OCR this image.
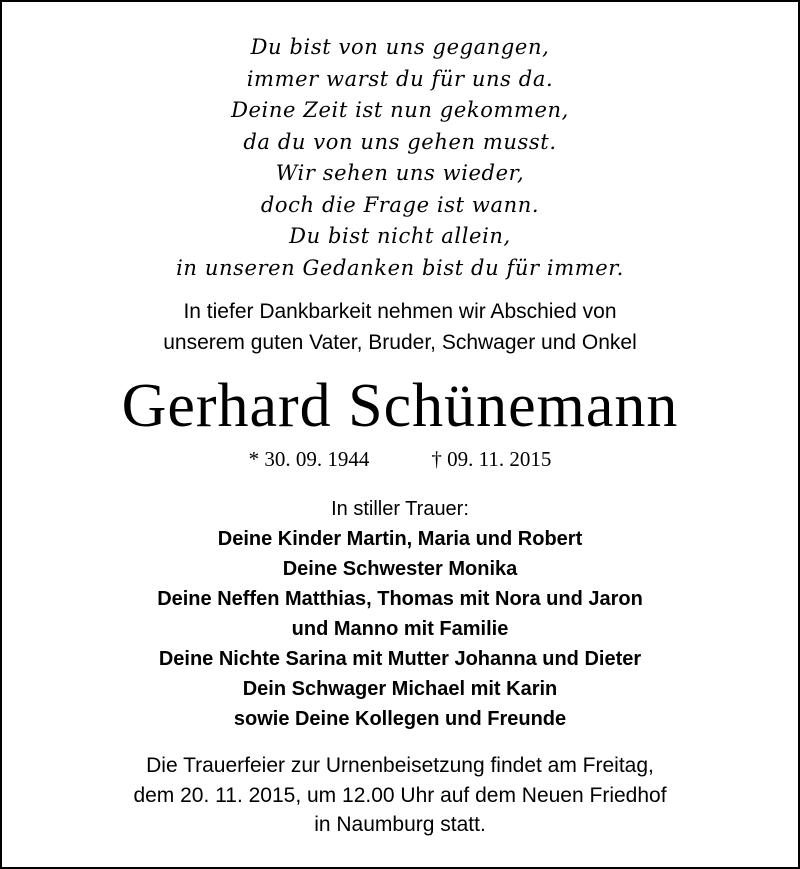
Du bist von uns gegangen,
immer warst du für uns da.
Deine Zeit ist nun gekommen,
da du von uns gehen musst.
Wir sehen uns wieder,
doch die Frage ist wann.
Du bist nicht allein,
in unseren Gedanken bist du für immer.
In tiefer Dankbarkeit nehmen wir Abschied von
unserem guten Vater, Bruder, Schwager und Onkel
Gerhard Schünemann
* 30. 09. 1944	† 09. 11. 2015
In stiller Trauer:
Deine Kinder Martin, Maria und Robert
Deine Schwester Monika
Deine Neffen Matthias, Thomas mit Nora und Jaron
und Manno mit Familie
Deine Nichte Sarina mit Mutter Johanna und Dieter
Dein Schwager Michael mit Karin
sowie Deine Kollegen und Freunde
Die Trauerfeier zur Urnenbeisetzung findet am Freitag,
dem 20. 11. 2015, um 12.00 Uhr auf dem Neuen Friedhof
in Naumburg statt.
